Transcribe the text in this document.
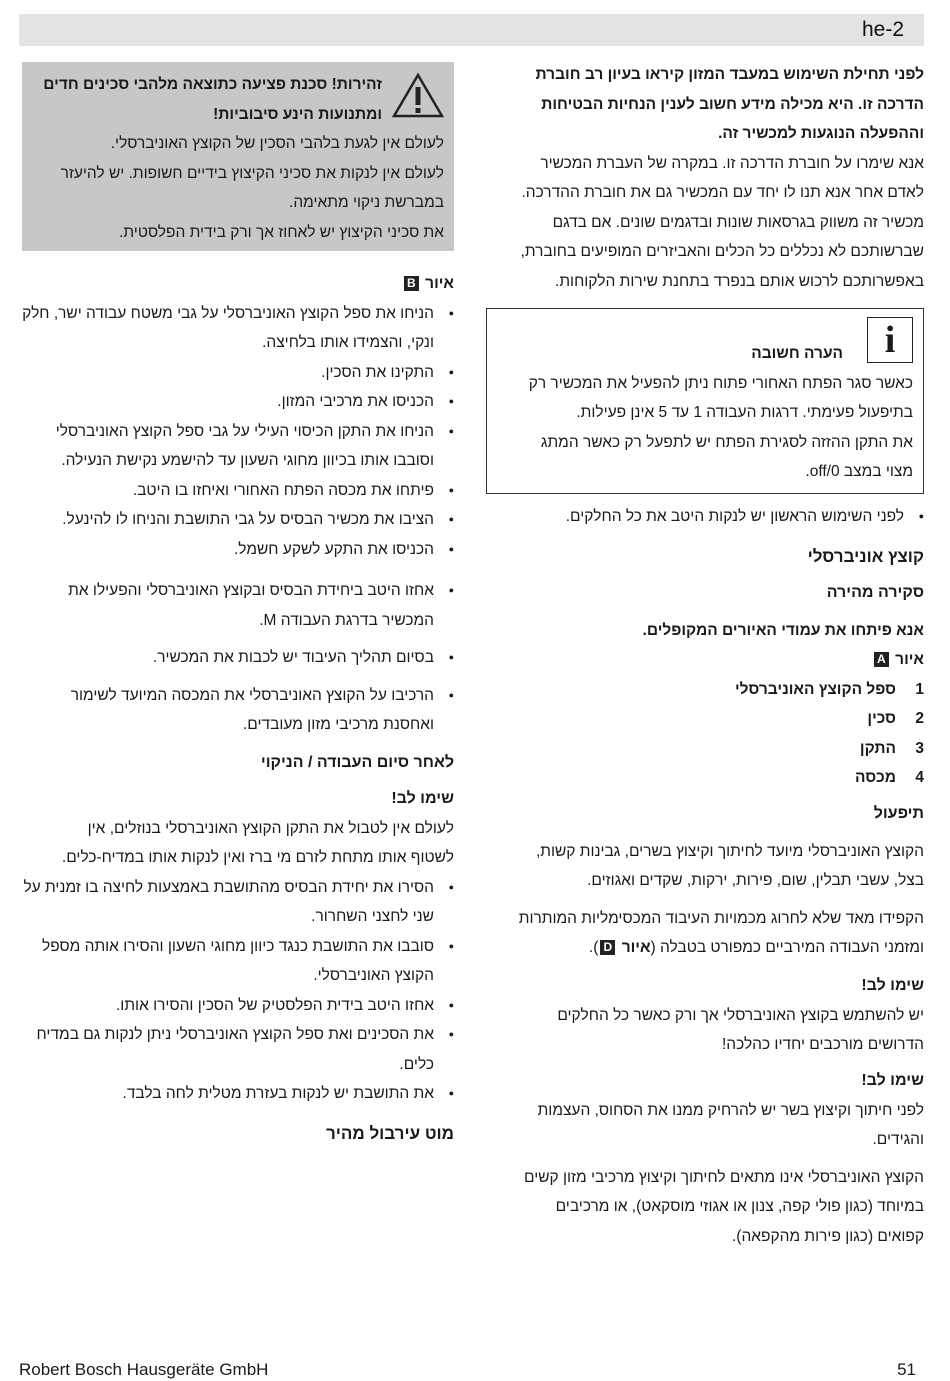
he-2

לפני תחילת השימוש במעבד המזון קיראו בעיון רב חוברת

הדרכה זו. היא מכילה מידע חשוב לענין הנחיות הבטיחות

וההפעלה הנוגעות למכשיר זה.

אנא שימרו על חוברת הדרכה זו. במקרה של העברת המכשיר

לאדם אחר אנא תנו לו יחד עם המכשיר גם את חוברת ההדרכה.

מכשיר זה משווק בגרסאות שונות ובדגמים שונים. אם בדגם

שברשותכם לא נכללים כל הכלים והאביזרים המופיעים בחוברת,

באפשרותכם לרכוש אותם בנפרד בתחנת שירות הלקוחות.

i

הערה חשובה

כאשר סגר הפתח האחורי פתוח ניתן להפעיל את המכשיר רק

בתיפעול פעימתי. דרגות העבודה 1 עד 5 אינן פעילות.

את התקן ההזזה לסגירת הפתח יש לתפעל רק כאשר המתג

מצוי במצב off/0.

● לפני השימוש הראשון יש לנקות היטב את כל החלקים.

קוצץ אוניברסלי

סקירה מהירה

אנא פיתחו את עמודי האיורים המקופלים.

איור A

1
ספל הקוצץ האוניברסלי
2
סכין
3
התקן
4
מכסה

תיפעול

הקוצץ האוניברסלי מיועד לחיתוך וקיצוץ בשרים, גבינות קשות,

בצל, עשבי תבלין, שום, פירות, ירקות, שקדים ואגוזים.

הקפידו מאד שלא לחרוג מכמויות העיבוד המכסימליות המותרות

ומזמני העבודה המירביים כמפורט בטבלה (איור D).

שימו לב!

יש להשתמש בקוצץ האוניברסלי אך ורק כאשר כל החלקים

הדרושים מורכבים יחדיו כהלכה!

שימו לב!

לפני חיתוך וקיצוץ בשר יש להרחיק ממנו את הסחוס, העצמות

והגידים.

הקוצץ האוניברסלי אינו מתאים לחיתוך וקיצוץ מרכיבי מזון קשים

במיוחד (כגון פולי קפה, צנון או אגוזי מוסקאט), או מרכיבים

קפואים (כגון פירות מהקפאה).

זהירות! סכנת פציעה כתוצאה מלהבי סכינים חדים

ומתנועות הינע סיבוביות!

לעולם אין לגעת בלהבי הסכין של הקוצץ האוניברסלי.

לעולם אין לנקות את סכיני הקיצוץ בידיים חשופות. יש להיעזר

במברשת ניקוי מתאימה.

את סכיני הקיצוץ יש לאחוז אך ורק בידית הפלסטית.

איור B

● הניחו את ספל הקוצץ האוניברסלי על גבי משטח עבודה ישר, חלק ונקי, והצמידו אותו בלחיצה.
● התקינו את הסכין.
● הכניסו את מרכיבי המזון.
● הניחו את התקן הכיסוי העילי על גבי ספל הקוצץ האוניברסלי וסובבו אותו בכיוון מחוגי השעון עד להישמע נקישת הנעילה.
● פיתחו את מכסה הפתח האחורי ואיחזו בו היטב.
● הציבו את מכשיר הבסיס על גבי התושבת והניחו לו להינעל.
● הכניסו את התקע לשקע חשמל.
● אחזו היטב ביחידת הבסיס ובקוצץ האוניברסלי והפעילו את המכשיר בדרגת העבודה M.
● בסיום תהליך העיבוד יש לכבות את המכשיר.
● הרכיבו על הקוצץ האוניברסלי את המכסה המיועד לשימור ואחסנת מרכיבי מזון מעובדים.

לאחר סיום העבודה / הניקוי

שימו לב!

לעולם אין לטבול את התקן הקוצץ האוניברסלי בנוזלים, אין

לשטוף אותו מתחת לזרם מי ברז ואין לנקות אותו במדיח-כלים.

● הסירו את יחידת הבסיס מהתושבת באמצעות לחיצה בו זמנית על שני לחצני השחרור.
● סובבו את התושבת כנגד כיוון מחוגי השעון והסירו אותה מספל הקוצץ האוניברסלי.
● אחזו היטב בידית הפלסטיק של הסכין והסירו אותו.
● את הסכינים ואת ספל הקוצץ האוניברסלי ניתן לנקות גם במדיח כלים.
● את התושבת יש לנקות בעזרת מטלית לחה בלבד.

מוט עירבול מהיר

Robert Bosch Hausgeräte GmbH	51
